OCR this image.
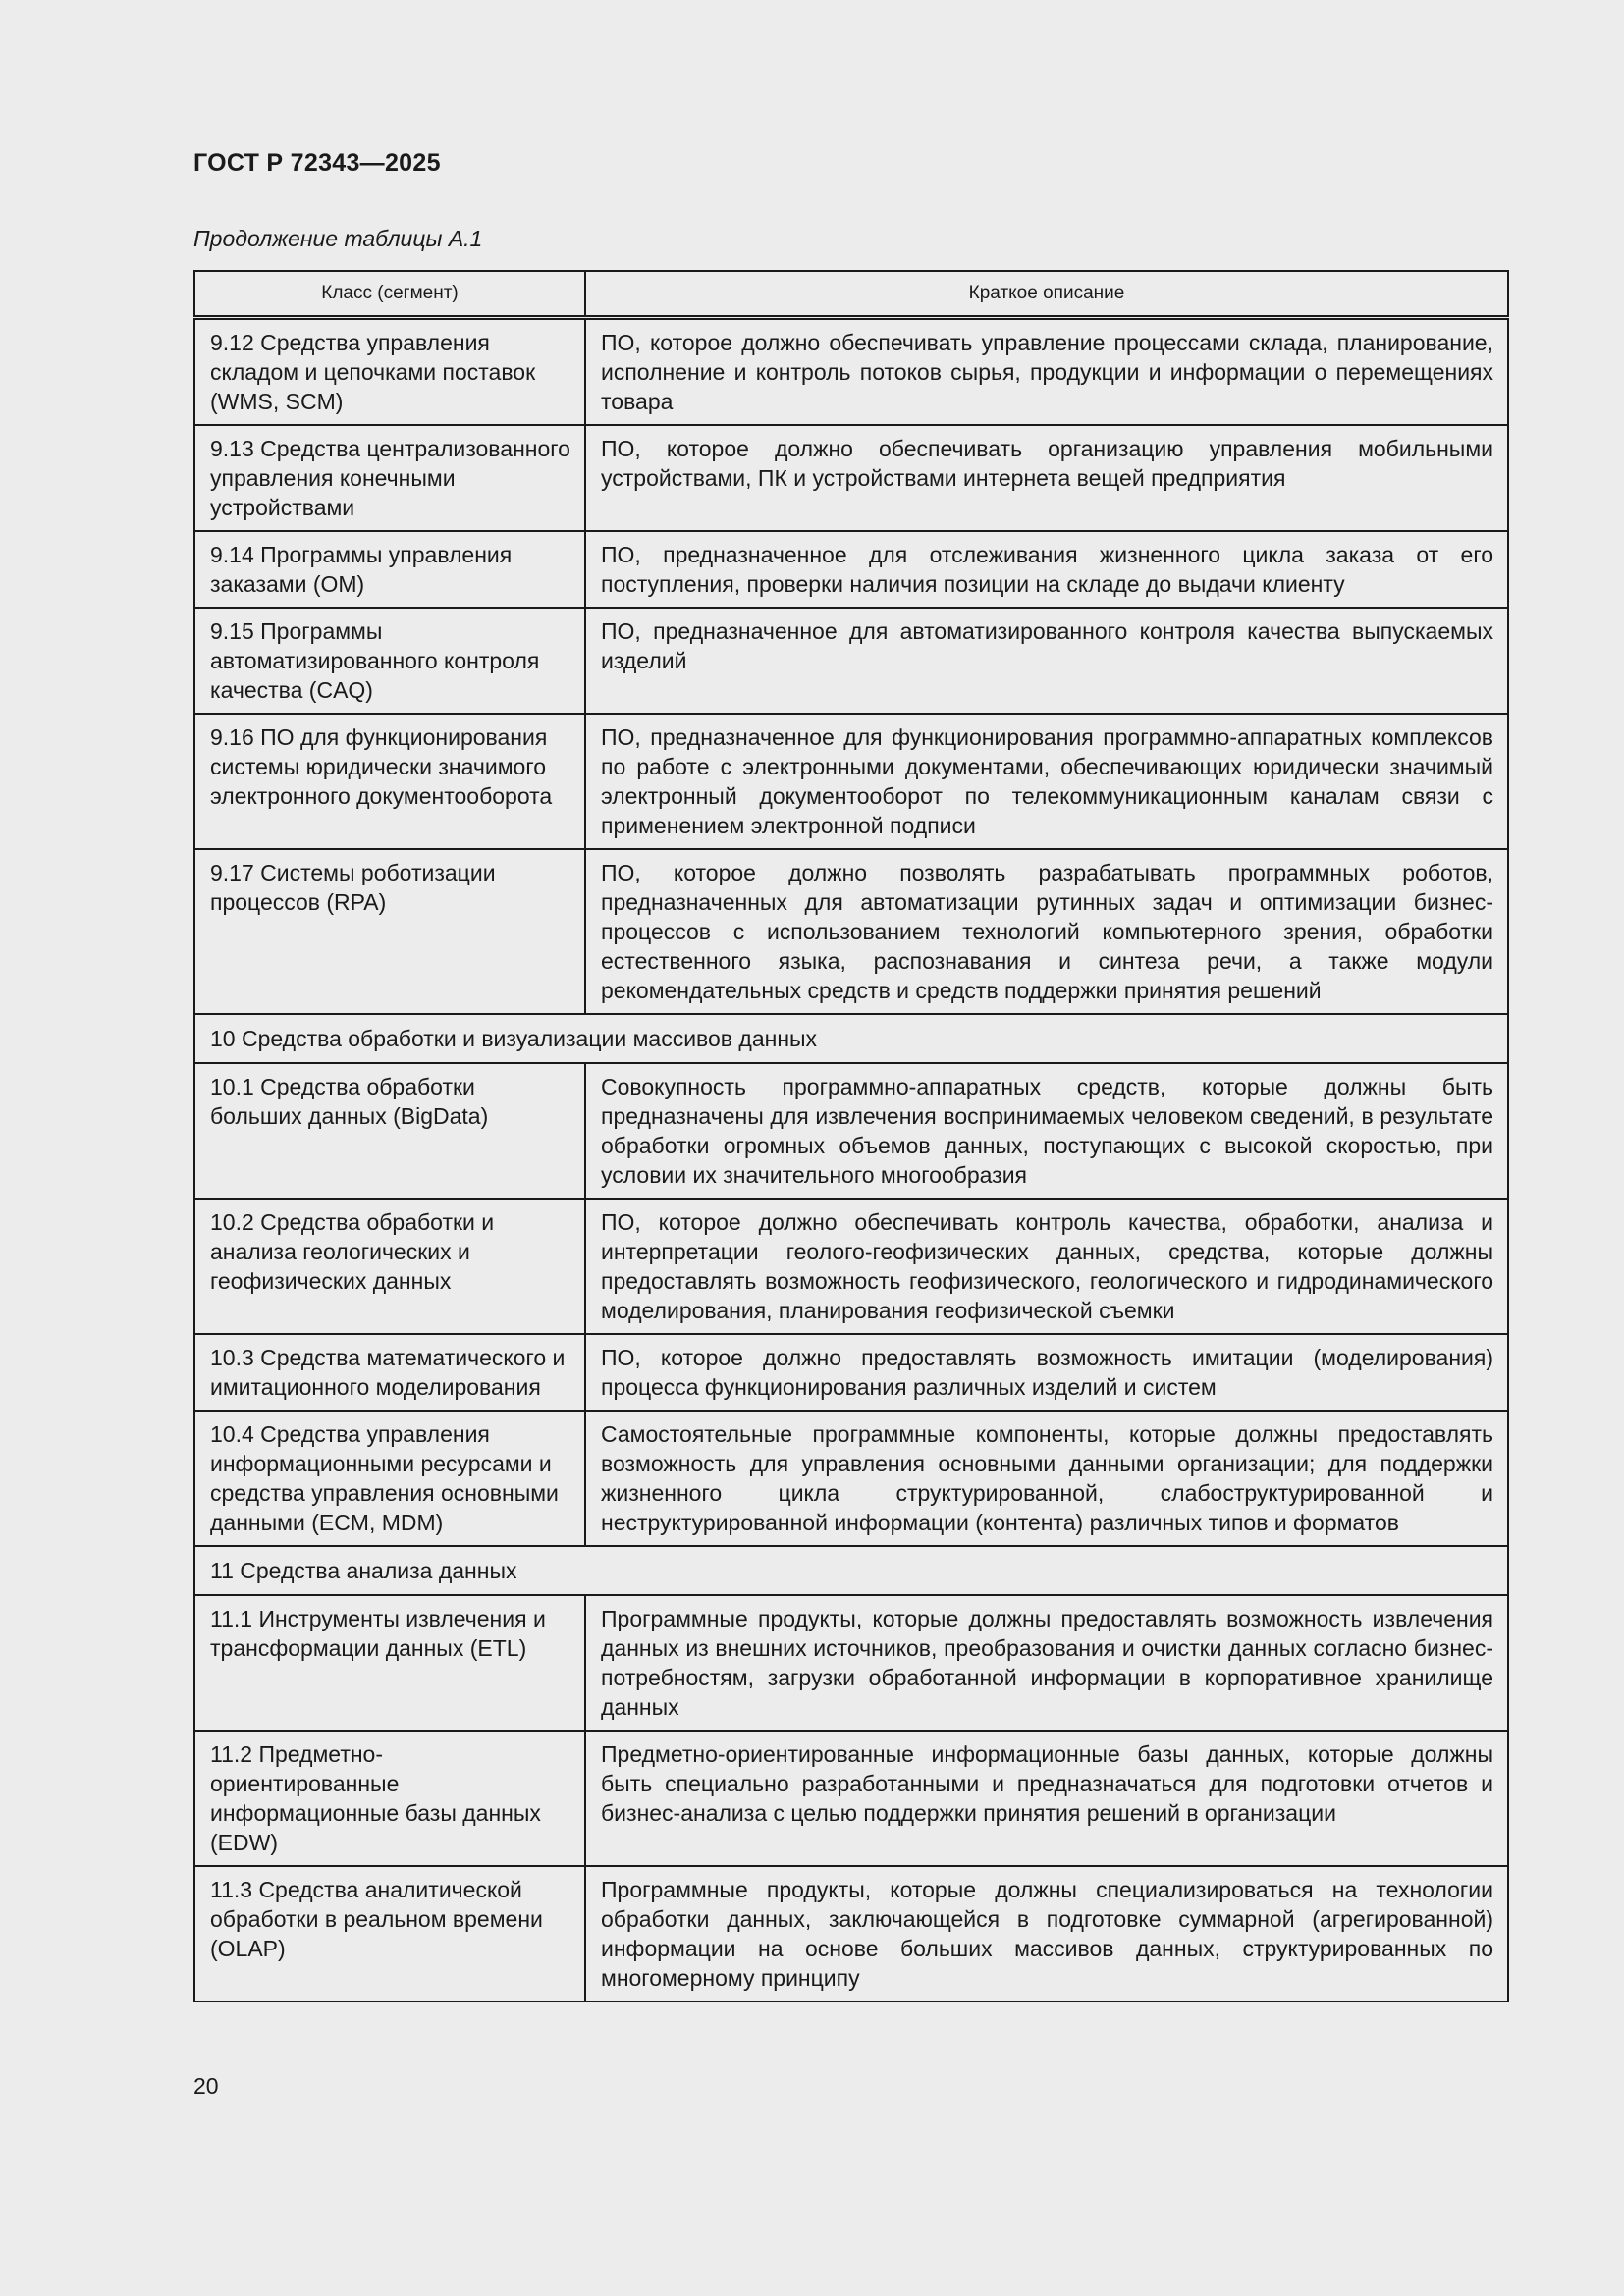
ГОСТ Р 72343—2025
Продолжение таблицы А.1
Класс (сегмент)	Краткое описание
9.12 Средства управления складом и цепочками поставок (WMS, SCM)	ПО, которое должно обеспечивать управление процессами склада, планирование, исполнение и контроль потоков сырья, продукции и информации о перемещениях товара
9.13 Средства централизованного управления конечными устройствами	ПО, которое должно обеспечивать организацию управления мобильными устройствами, ПК и устройствами интернета вещей предприятия
9.14 Программы управления заказами (OM)	ПО, предназначенное для отслеживания жизненного цикла заказа от его поступления, проверки наличия позиции на складе до выдачи клиенту
9.15 Программы автоматизированного контроля качества (CAQ)	ПО, предназначенное для автоматизированного контроля качества выпускаемых изделий
9.16 ПО для функционирования системы юридически значимого электронного документооборота	ПО, предназначенное для функционирования программно-аппаратных комплексов по работе с электронными документами, обеспечивающих юридически значимый электронный документооборот по телекоммуникационным каналам связи с применением электронной подписи
9.17 Системы роботизации процессов (RPA)	ПО, которое должно позволять разрабатывать программных роботов, предназначенных для автоматизации рутинных задач и оптимизации бизнес-процессов с использованием технологий компьютерного зрения, обработки естественного языка, распознавания и синтеза речи, а также модули рекомендательных средств и средств поддержки принятия решений
10 Средства обработки и визуализации массивов данных	
10.1 Средства обработки больших данных (BigData)	Совокупность программно-аппаратных средств, которые должны быть предназначены для извлечения воспринимаемых человеком сведений, в результате обработки огромных объемов данных, поступающих с высокой скоростью, при условии их значительного многообразия
10.2 Средства обработки и анализа геологических и геофизических данных	ПО, которое должно обеспечивать контроль качества, обработки, анализа и интерпретации геолого-геофизических данных, средства, которые должны предоставлять возможность геофизического, геологического и гидродинамического моделирования, планирования геофизической съемки
10.3 Средства математического и имитационного моделирования	ПО, которое должно предоставлять возможность имитации (моделирования) процесса функционирования различных изделий и систем
10.4 Средства управления информационными ресурсами и средства управления основными данными (ECM, MDM)	Самостоятельные программные компоненты, которые должны предоставлять возможность для управления основными данными организации; для поддержки жизненного цикла структурированной, слабоструктурированной и неструктурированной информации (контента) различных типов и форматов
11 Средства анализа данных	
11.1 Инструменты извлечения и трансформации данных (ETL)	Программные продукты, которые должны предоставлять возможность извлечения данных из внешних источников, преобразования и очистки данных согласно бизнес-потребностям, загрузки обработанной информации в корпоративное хранилище данных
11.2 Предметно-ориентированные информационные базы данных (EDW)	Предметно-ориентированные информационные базы данных, которые должны быть специально разработанными и предназначаться для подготовки отчетов и бизнес-анализа с целью поддержки принятия решений в организации
11.3 Средства аналитической обработки в реальном времени (OLAP)	Программные продукты, которые должны специализироваться на технологии обработки данных, заключающейся в подготовке суммарной (агрегированной) информации на основе больших массивов данных, структурированных по многомерному принципу
20
